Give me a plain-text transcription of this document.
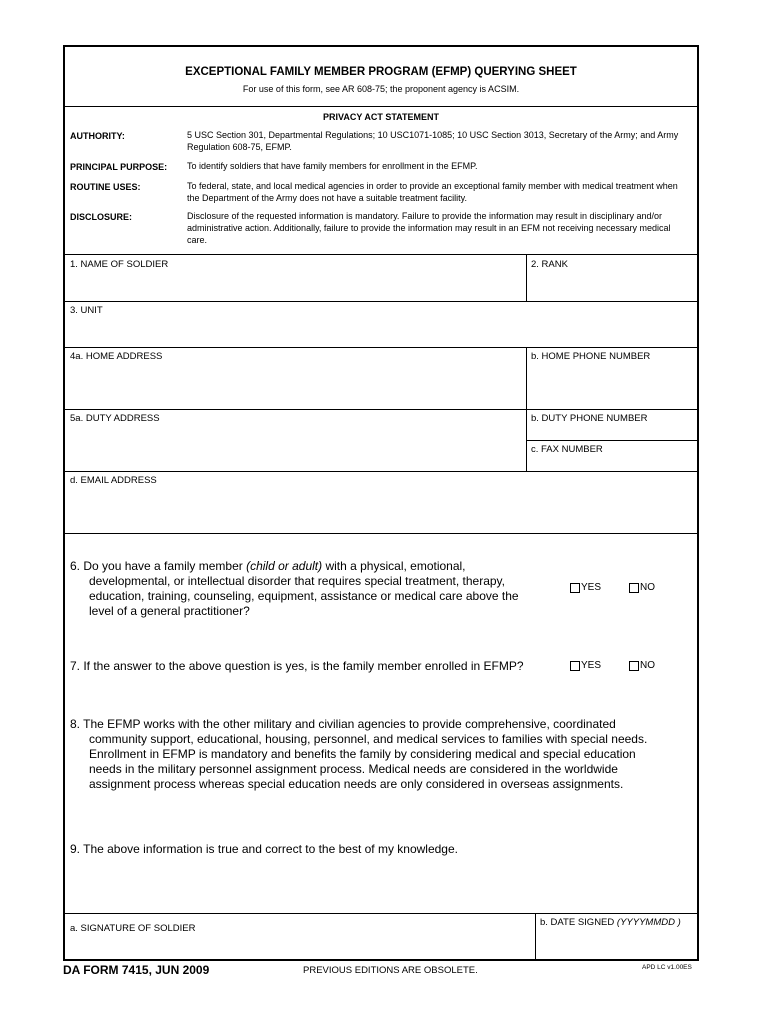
EXCEPTIONAL FAMILY MEMBER PROGRAM (EFMP) QUERYING SHEET
For use of this form, see AR 608-75; the proponent agency is ACSIM.
PRIVACY ACT STATEMENT
AUTHORITY:	5 USC Section 301, Departmental Regulations; 10 USC1071-1085; 10 USC Section 3013, Secretary of the Army; and Army Regulation 608-75, EFMP.
PRINCIPAL PURPOSE: To identify soldiers that have family members for enrollment in the EFMP.
ROUTINE USES:	To federal, state, and local medical agencies in order to provide an exceptional family member with medical treatment when the Department of the Army does not have a suitable treatment facility.
DISCLOSURE:	Disclosure of the requested information is mandatory. Failure to provide the information may result in disciplinary and/or administrative action. Additionally, failure to provide the information may result in an EFM not receiving necessary medical care.
1. NAME OF SOLDIER	2. RANK
3. UNIT
4a. HOME ADDRESS	b. HOME PHONE NUMBER
5a. DUTY ADDRESS	b. DUTY PHONE NUMBER
c. FAX NUMBER
d. EMAIL ADDRESS
6. Do you have a family member (child or adult) with a physical, emotional,
developmental, or intellectual disorder that requires special treatment, therapy,
education, training, counseling, equipment, assistance or medical care above the
level of a general practitioner?
YES	NO
7. If the answer to the above question is yes, is the family member enrolled in EFMP?	YES	NO
8. The EFMP works with the other military and civilian agencies to provide comprehensive, coordinated
community support, educational, housing, personnel, and medical services to families with special needs.
Enrollment in EFMP is mandatory and benefits the family by considering medical and special education
needs in the military personnel assignment process. Medical needs are considered in the worldwide
assignment process whereas special education needs are only considered in overseas assignments.
9. The above information is true and correct to the best of my knowledge.
a. SIGNATURE OF SOLDIER
b. DATE SIGNED (YYYYMMDD )
DA FORM 7415, JUN 2009	PREVIOUS EDITIONS ARE OBSOLETE.	APD LC v1.00ES
